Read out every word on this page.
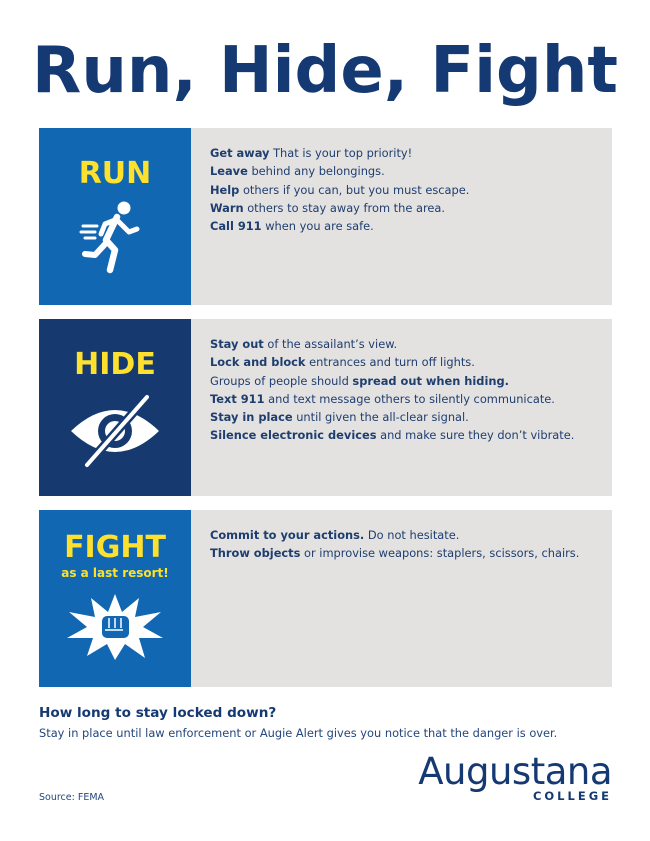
Run, Hide, Fight
RUN
Get away That is your top priority!
Leave behind any belongings.
Help others if you can, but you must escape.
Warn others to stay away from the area.
Call 911 when you are safe.
HIDE
Stay out of the assailant’s view.
Lock and block entrances and turn off lights.
Groups of people should spread out when hiding.
Text 911 and text message others to silently communicate.
Stay in place until given the all-clear signal.
Silence electronic devices and make sure they don’t vibrate.
FIGHT
as a last resort!
Commit to your actions. Do not hesitate.
Throw objects or improvise weapons: staplers, scissors, chairs.
How long to stay locked down?
Stay in place until law enforcement or Augie Alert gives you notice that the danger is over.
Source: FEMA
Augustana
COLLEGE
